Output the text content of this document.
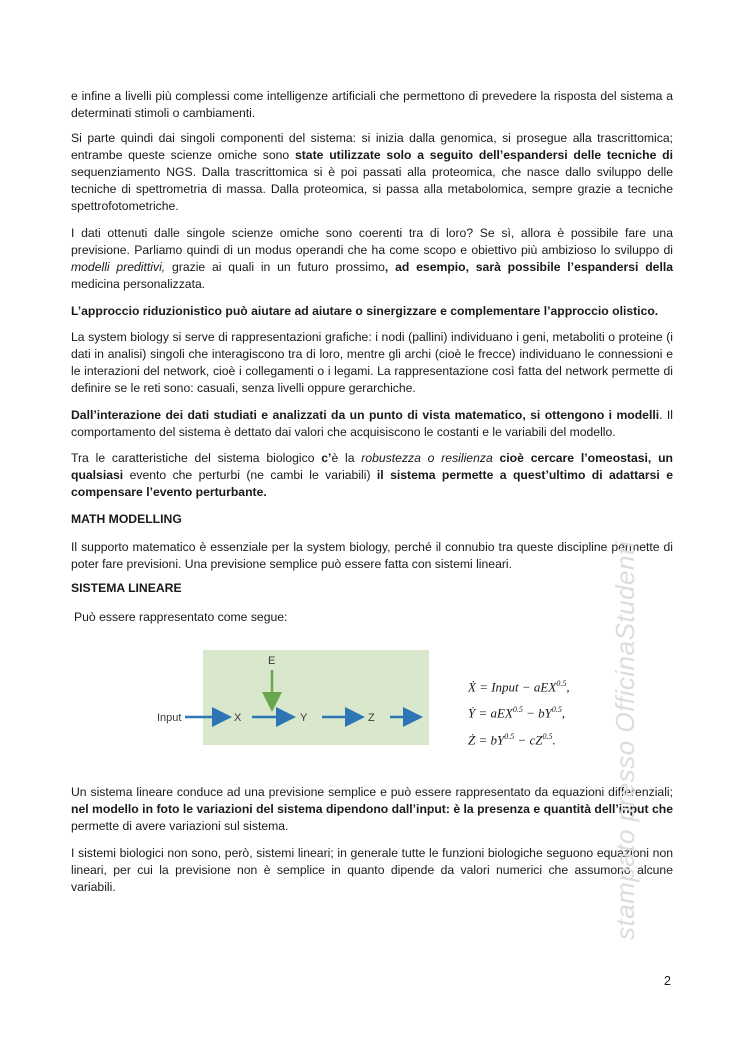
e infine a livelli più complessi come intelligenze artificiali che permettono di prevedere la risposta del sistema a determinati stimoli o cambiamenti.

Si parte quindi dai singoli componenti del sistema: si inizia dalla genomica, si prosegue alla trascrittomica; entrambe queste scienze omiche sono state utilizzate solo a seguito dell’espandersi delle tecniche di sequenziamento NGS. Dalla trascrittomica si è poi passati alla proteomica, che nasce dallo sviluppo delle tecniche di spettrometria di massa. Dalla proteomica, si passa alla metabolomica, sempre grazie a tecniche spettrofotometriche.

I dati ottenuti dalle singole scienze omiche sono coerenti tra di loro? Se sì, allora è possibile fare una previsione. Parliamo quindi di un modus operandi che ha come scopo e obiettivo più ambizioso lo sviluppo di modelli predittivi, grazie ai quali in un futuro prossimo, ad esempio, sarà possibile l’espandersi della medicina personalizzata.

L’approccio riduzionistico può aiutare ad aiutare o sinergizzare e complementare l’approccio olistico.

La system biology si serve di rappresentazioni grafiche: i nodi (pallini) individuano i geni, metaboliti o proteine (i dati in analisi) singoli che interagiscono tra di loro, mentre gli archi (cioè le frecce) individuano le connessioni e le interazioni del network, cioè i collegamenti o i legami. La rappresentazione così fatta del network permette di definire se le reti sono: casuali, senza livelli oppure gerarchiche.

Dall’interazione dei dati studiati e analizzati da un punto di vista matematico, si ottengono i modelli. Il comportamento del sistema è dettato dai valori che acquisiscono le costanti e le variabili del modello.

Tra le caratteristiche del sistema biologico c’è la robustezza o resilienza cioè cercare l’omeostasi, un qualsiasi evento che perturbi (ne cambi le variabili) il sistema permette a quest’ultimo di adattarsi e compensare l’evento perturbante.

MATH MODELLING

Il supporto matematico è essenziale per la system biology, perché il connubio tra queste discipline permette di poter fare previsioni. Una previsione semplice può essere fatta con sistemi lineari.

SISTEMA LINEARE

Può essere rappresentato come segue:

Input	X	Y	Z
E
Ẋ = Input − aEX$^{0.5}$,
Ẏ = $aEX^{0.5} - bY^{0.5}$,
Ż = $bY^{0.5} - cZ^{0.5}$.

Un sistema lineare conduce ad una previsione semplice e può essere rappresentato da equazioni differenziali; nel modello in foto le variazioni del sistema dipendono dall’input: è la presenza e quantità dell’input che permette di avere variazioni sul sistema.

I sistemi biologici non sono, però, sistemi lineari; in generale tutte le funzioni biologiche seguono equazioni non lineari, per cui la previsione non è semplice in quanto dipende da valori numerici che assumono alcune variabili.

2
stampato presso OfficinaStudenti
